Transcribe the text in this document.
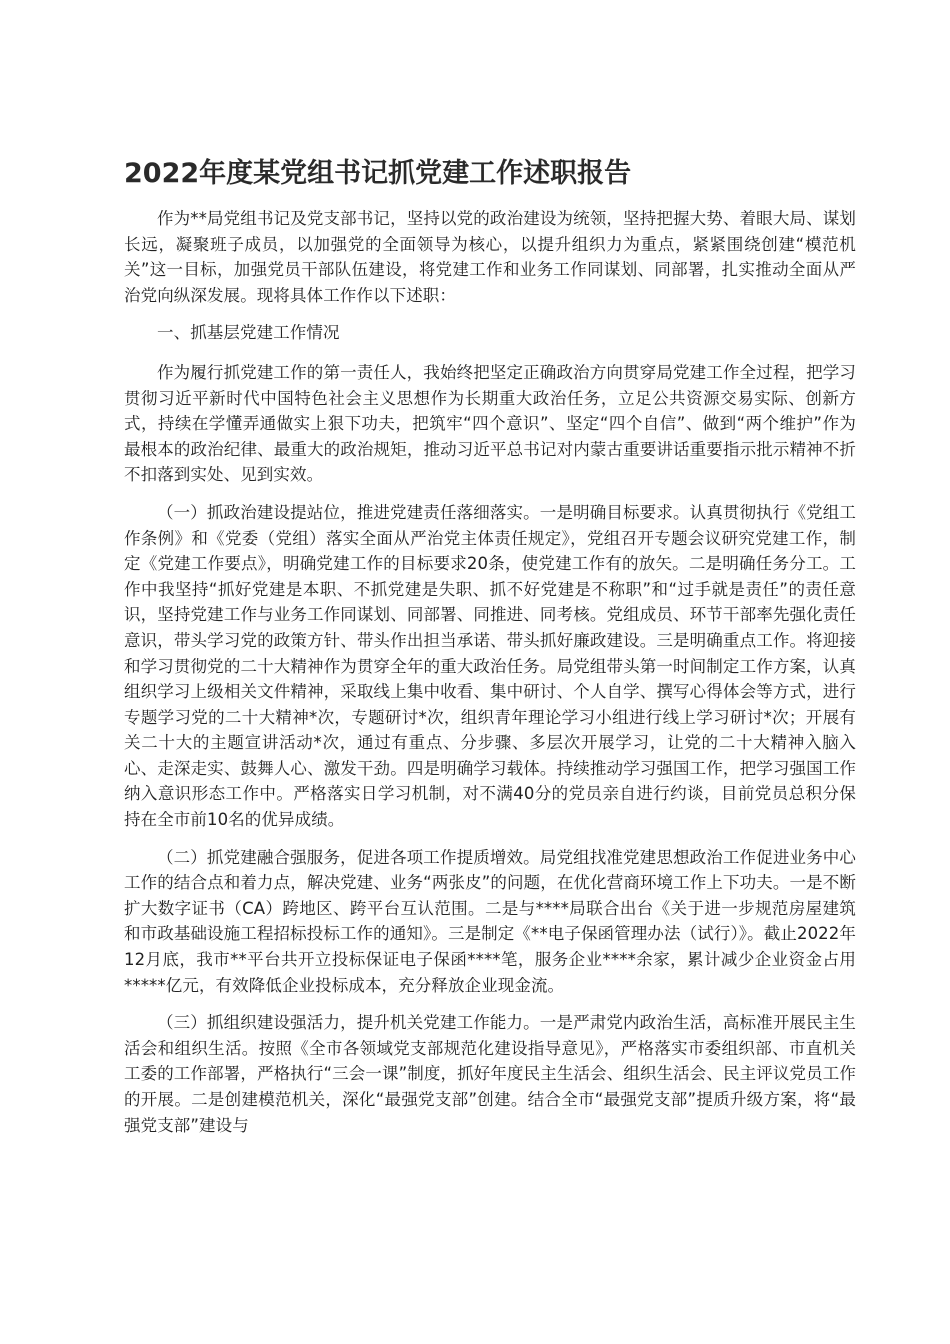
2022年度某党组书记抓党建工作述职报告

作为**局党组书记及党支部书记，坚持以党的政治建设为统领，坚持把握大势、着眼大局、谋划长远，凝聚班子成员，以加强党的全面领导为核心，以提升组织力为重点，紧紧围绕创建“模范机关”这一目标，加强党员干部队伍建设，将党建工作和业务工作同谋划、同部署，扎实推动全面从严治党向纵深发展。现将具体工作作以下述职：

一、抓基层党建工作情况

作为履行抓党建工作的第一责任人，我始终把坚定正确政治方向贯穿局党建工作全过程，把学习贯彻习近平新时代中国特色社会主义思想作为长期重大政治任务，立足公共资源交易实际、创新方式，持续在学懂弄通做实上狠下功夫，把筑牢“四个意识”、坚定“四个自信”、做到“两个维护”作为最根本的政治纪律、最重大的政治规矩，推动习近平总书记对内蒙古重要讲话重要指示批示精神不折不扣落到实处、见到实效。

（一）抓政治建设提站位，推进党建责任落细落实。一是明确目标要求。认真贯彻执行《党组工作条例》和《党委（党组）落实全面从严治党主体责任规定》，党组召开专题会议研究党建工作，制定《党建工作要点》，明确党建工作的目标要求20条，使党建工作有的放矢。二是明确任务分工。工作中我坚持“抓好党建是本职、不抓党建是失职、抓不好党建是不称职”和“过手就是责任”的责任意识，坚持党建工作与业务工作同谋划、同部署、同推进、同考核。党组成员、环节干部率先强化责任意识，带头学习党的政策方针、带头作出担当承诺、带头抓好廉政建设。三是明确重点工作。将迎接和学习贯彻党的二十大精神作为贯穿全年的重大政治任务。局党组带头第一时间制定工作方案，认真组织学习上级相关文件精神，采取线上集中收看、集中研讨、个人自学、撰写心得体会等方式，进行专题学习党的二十大精神*次，专题研讨*次，组织青年理论学习小组进行线上学习研讨*次；开展有关二十大的主题宣讲活动*次，通过有重点、分步骤、多层次开展学习，让党的二十大精神入脑入心、走深走实、鼓舞人心、激发干劲。四是明确学习载体。持续推动学习强国工作，把学习强国工作纳入意识形态工作中。严格落实日学习机制，对不满40分的党员亲自进行约谈，目前党员总积分保持在全市前10名的优异成绩。

（二）抓党建融合强服务，促进各项工作提质增效。局党组找准党建思想政治工作促进业务中心工作的结合点和着力点，解决党建、业务“两张皮”的问题，在优化营商环境工作上下功夫。一是不断扩大数字证书（CA）跨地区、跨平台互认范围。二是与****局联合出台《关于进一步规范房屋建筑和市政基础设施工程招标投标工作的通知》。三是制定《**电子保函管理办法（试行）》。截止2022年12月底，我市**平台共开立投标保证电子保函****笔，服务企业****余家，累计减少企业资金占用*****亿元，有效降低企业投标成本，充分释放企业现金流。

（三）抓组织建设强活力，提升机关党建工作能力。一是严肃党内政治生活，高标准开展民主生活会和组织生活。按照《全市各领域党支部规范化建设指导意见》，严格落实市委组织部、市直机关工委的工作部署，严格执行“三会一课”制度，抓好年度民主生活会、组织生活会、民主评议党员工作的开展。二是创建模范机关，深化“最强党支部”创建。结合全市“最强党支部”提质升级方案，将“最强党支部”建设与
